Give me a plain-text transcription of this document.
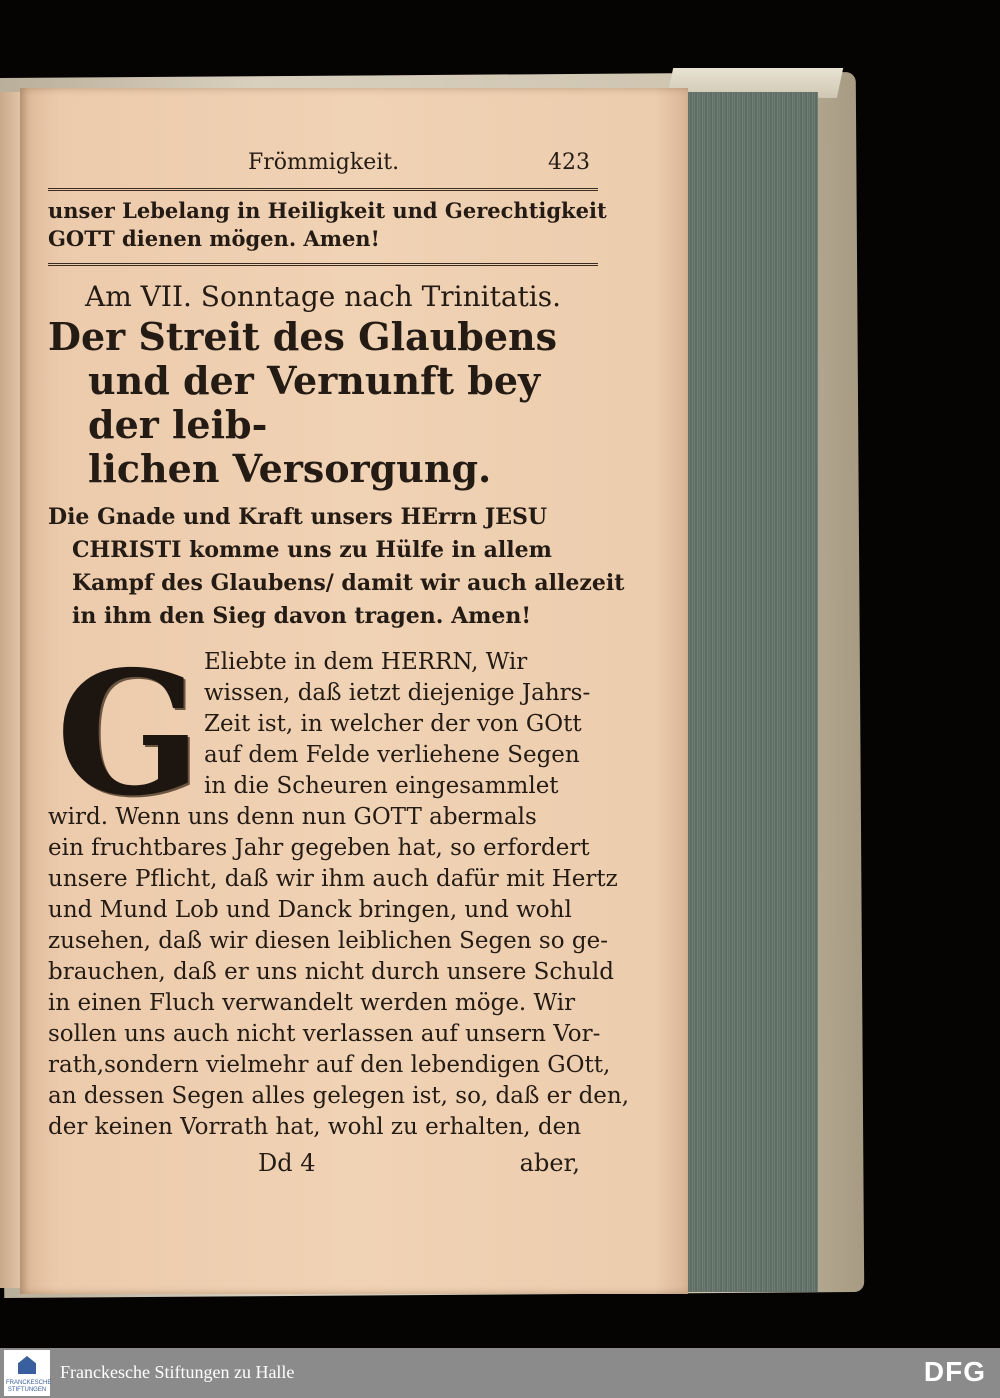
Frömmigkeit.	423
unser Lebelang in Heiligkeit und Gerechtigkeit
GOTT dienen mögen. Amen!
Am VII. Sonntage nach Trinitatis.
Der Streit des Glaubens
und der Vernunft bey der leib-
lichen Versorgung.
Die Gnade und Kraft unsers HErrn JESU
CHRISTI komme uns zu Hülfe in allem
Kampf des Glaubens/ damit wir auch allezeit
in ihm den Sieg davon tragen. Amen!
G Eliebte in dem HERRN, Wir
wissen, daß ietzt diejenige Jahrs-
Zeit ist, in welcher der von GOtt
auf dem Felde verliehene Segen
in die Scheuren eingesammlet
wird. Wenn uns denn nun GOTT abermals
ein fruchtbares Jahr gegeben hat, so erfordert
unsere Pflicht, daß wir ihm auch dafür mit Hertz
und Mund Lob und Danck bringen, und wohl
zusehen, daß wir diesen leiblichen Segen so ge-
brauchen, daß er uns nicht durch unsere Schuld
in einen Fluch verwandelt werden möge. Wir
sollen uns auch nicht verlassen auf unsern Vor-
rath,sondern vielmehr auf den lebendigen GOtt,
an dessen Segen alles gelegen ist, so, daß er den,
der keinen Vorrath hat, wohl zu erhalten, den
Dd 4	aber,
FRANCKESCHE STIFTUNGEN
Franckesche Stiftungen zu Halle	DFG
